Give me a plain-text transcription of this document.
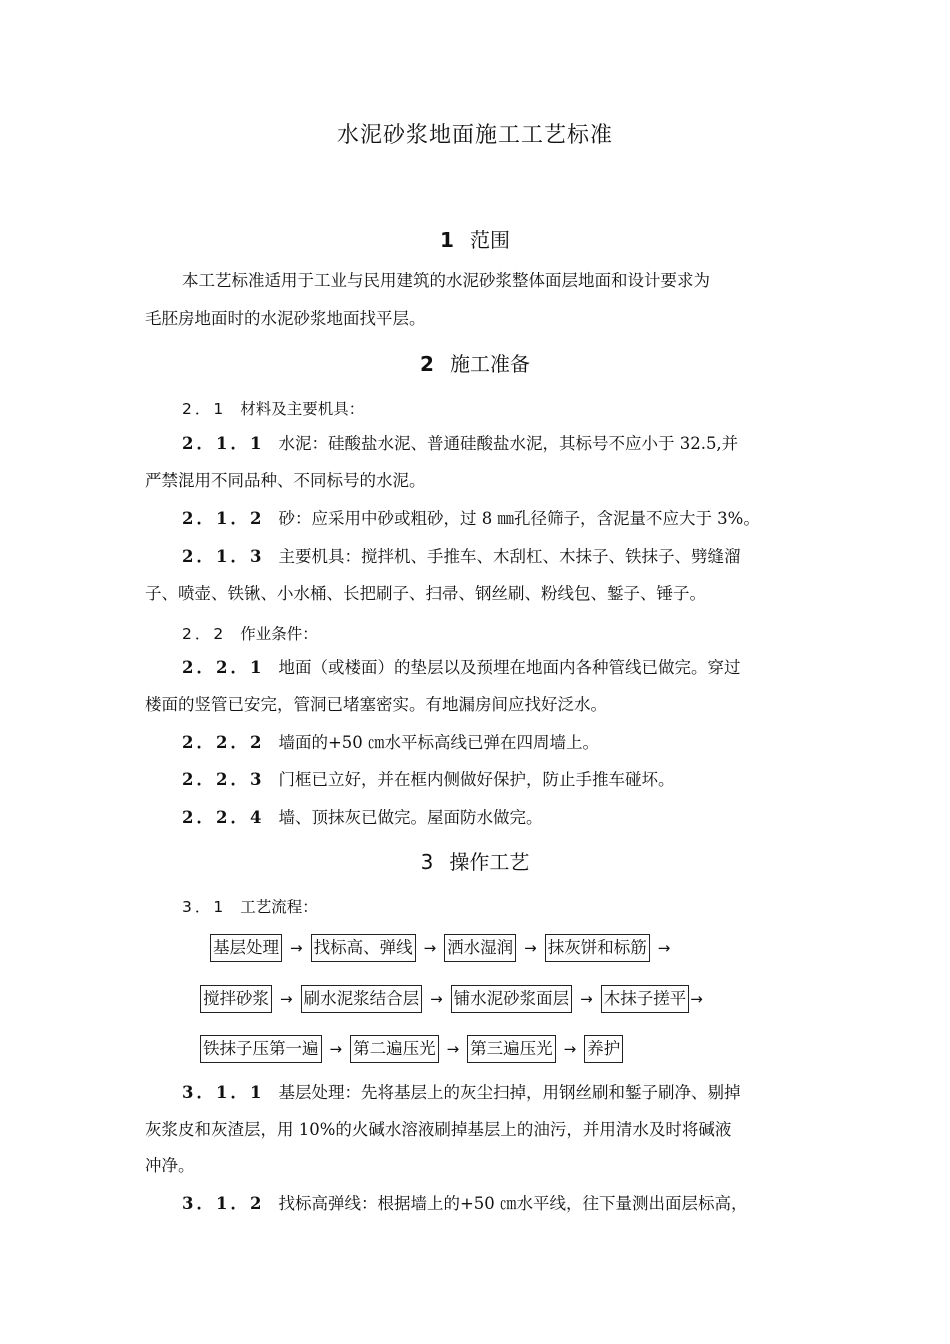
水泥砂浆地面施工工艺标准
1 范围
本工艺标准适用于工业与民用建筑的水泥砂浆整体面层地面和设计要求为
毛胚房地面时的水泥砂浆地面找平层。
2 施工准备
2．1 材料及主要机具：
2．1．1 水泥：硅酸盐水泥、普通硅酸盐水泥，其标号不应小于 32.5,并
严禁混用不同品种、不同标号的水泥。
2．1．2 砂：应采用中砂或粗砂，过 8 ㎜孔径筛子，含泥量不应大于 3%。
2．1．3 主要机具：搅拌机、手推车、木刮杠、木抹子、铁抹子、劈缝溜
子、喷壶、铁锹、小水桶、长把刷子、扫帚、钢丝刷、粉线包、錾子、锤子。
2．2 作业条件：
2．2．1 地面（或楼面）的垫层以及预埋在地面内各种管线已做完。穿过
楼面的竖管已安完，管洞已堵塞密实。有地漏房间应找好泛水。
2．2．2 墙面的+50 ㎝水平标高线已弹在四周墙上。
2．2．3 门框已立好，并在框内侧做好保护，防止手推车碰坏。
2．2．4 墙、顶抹灰已做完。屋面防水做完。
3 操作工艺
3．1 工艺流程：
基层处理 → 找标高、弹线 → 洒水湿润 → 抹灰饼和标筋 →
搅拌砂浆 → 刷水泥浆结合层 → 铺水泥砂浆面层 → 木抹子搓平 →
铁抹子压第一遍 → 第二遍压光 → 第三遍压光 → 养护
3．1．1 基层处理：先将基层上的灰尘扫掉，用钢丝刷和錾子刷净、剔掉
灰浆皮和灰渣层，用 10%的火碱水溶液刷掉基层上的油污，并用清水及时将碱液
冲净。
3．1．2 找标高弹线：根据墙上的+50 ㎝水平线，往下量测出面层标高，
